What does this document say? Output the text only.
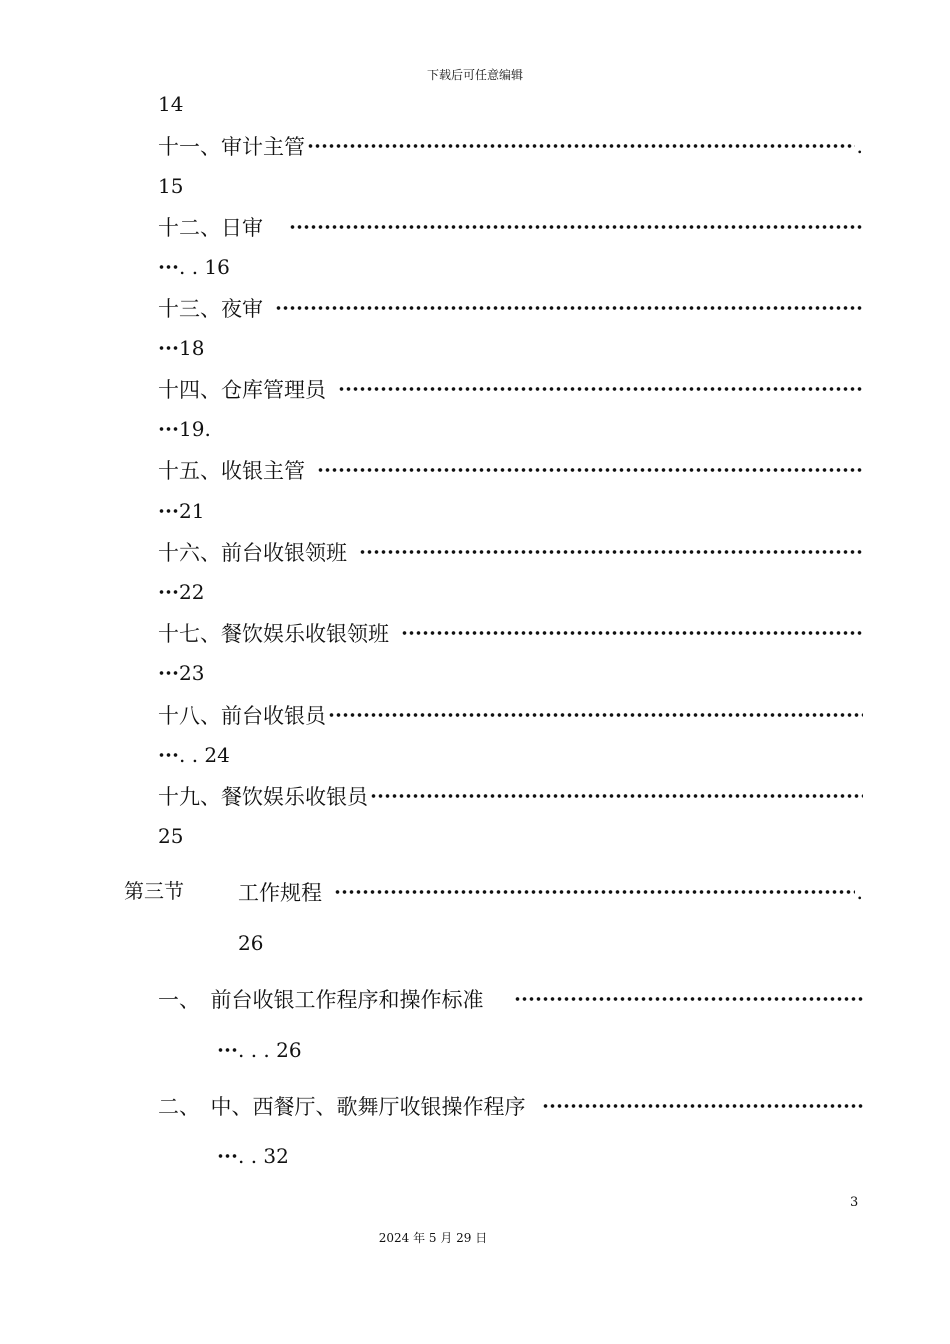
下载后可任意编辑
14
十一、审计主管	.
15
十二、日审
. . 16
十三、夜审
18
十四、仓库管理员
19.
十五、收银主管
21
十六、前台收银领班
22
十七、餐饮娱乐收银领班
23
十八、前台收银员
. . 24
十九、餐饮娱乐收银员
25
第三节	工作规程	.
26
一、　前台收银工作程序和操作标准
. . . 26
二、　中、西餐厅、歌舞厅收银操作程序
. . 32
3
2024 年 5 月 29 日
